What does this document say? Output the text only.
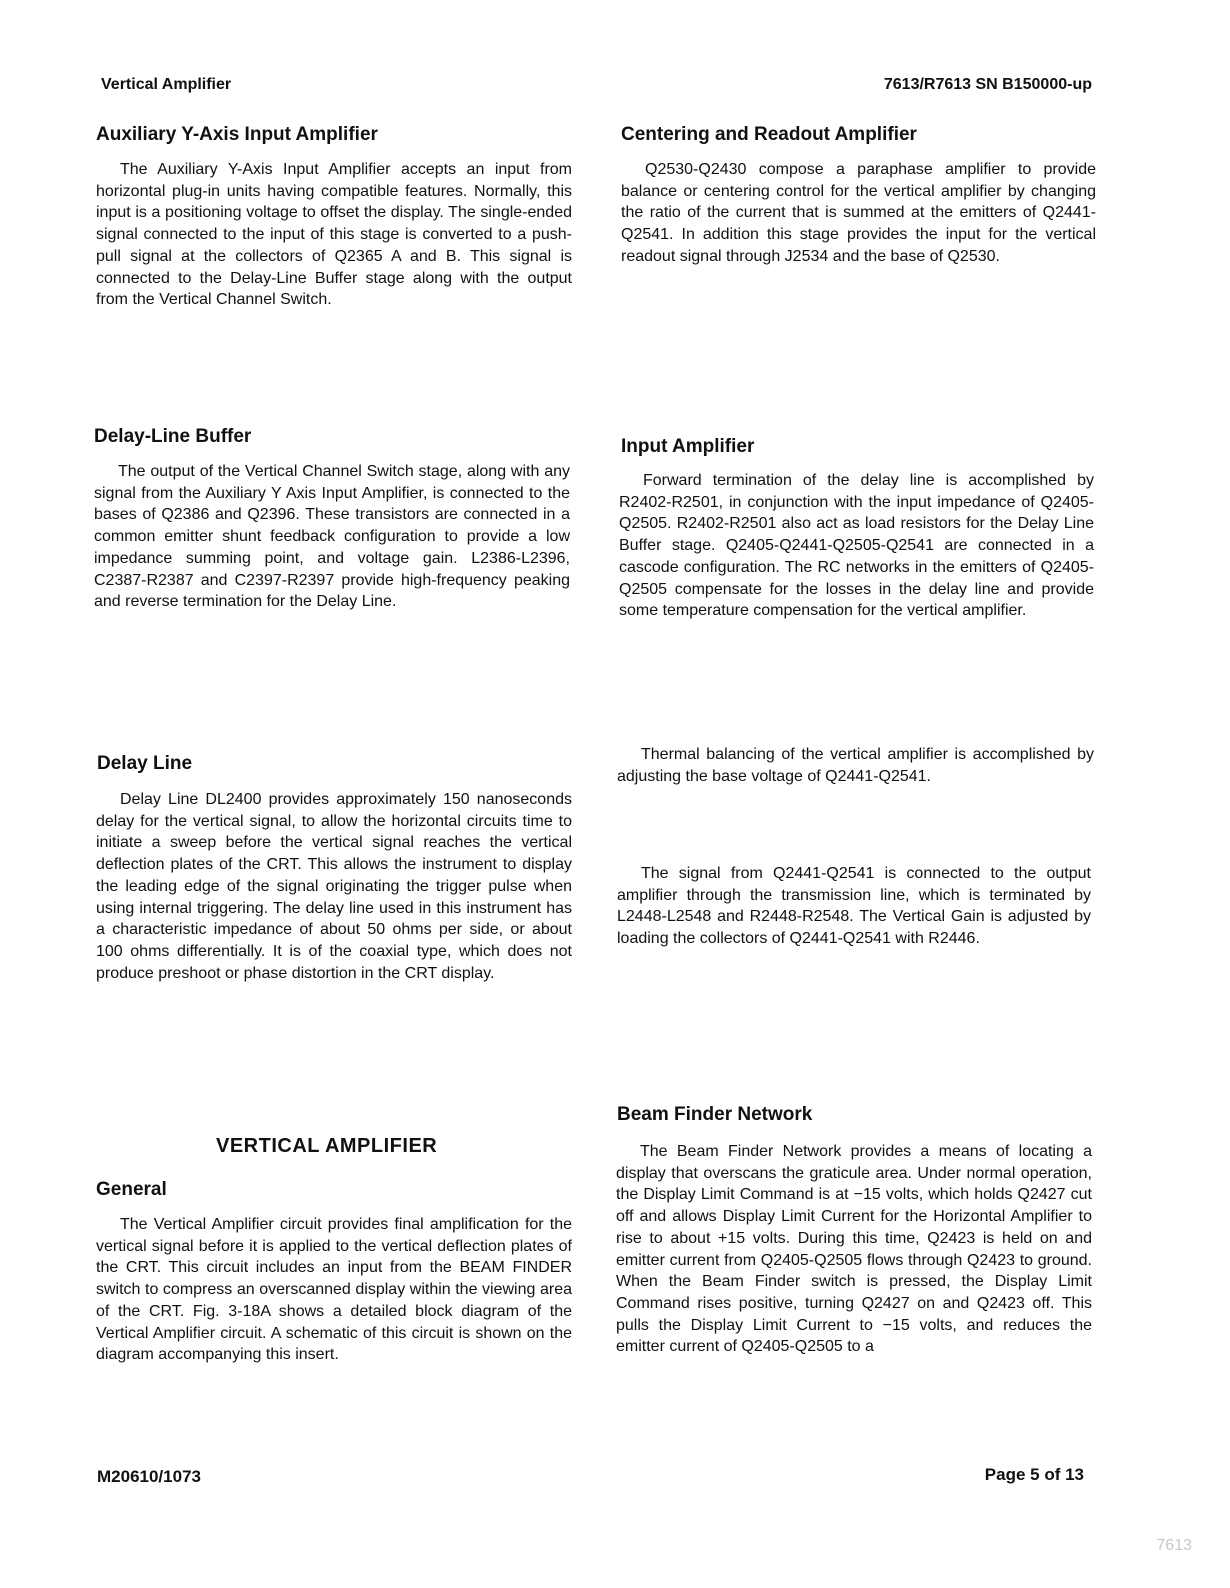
Vertical Amplifier	7613/R7613 SN B150000-up
Auxiliary Y-Axis Input Amplifier

The Auxiliary Y-Axis Input Amplifier accepts an input from horizontal plug-in units having compatible features. Normally, this input is a positioning voltage to offset the display. The single-ended signal connected to the input of this stage is converted to a push-pull signal at the collectors of Q2365 A and B. This signal is connected to the Delay-Line Buffer stage along with the output from the Vertical Channel Switch.

Delay-Line Buffer

The output of the Vertical Channel Switch stage, along with any signal from the Auxiliary Y Axis Input Amplifier, is connected to the bases of Q2386 and Q2396. These transistors are connected in a common emitter shunt feedback configuration to provide a low impedance summing point, and voltage gain. L2386-L2396, C2387-R2387 and C2397-R2397 provide high-frequency peaking and reverse termination for the Delay Line.

Delay Line

Delay Line DL2400 provides approximately 150 nanoseconds delay for the vertical signal, to allow the horizontal circuits time to initiate a sweep before the vertical signal reaches the vertical deflection plates of the CRT. This allows the instrument to display the leading edge of the signal originating the trigger pulse when using internal triggering. The delay line used in this instrument has a characteristic impedance of about 50 ohms per side, or about 100 ohms differentially. It is of the coaxial type, which does not produce preshoot or phase distortion in the CRT display.

VERTICAL AMPLIFIER
General

The Vertical Amplifier circuit provides final amplification for the vertical signal before it is applied to the vertical deflection plates of the CRT. This circuit includes an input from the BEAM FINDER switch to compress an overscanned display within the viewing area of the CRT. Fig. 3-18A shows a detailed block diagram of the Vertical Amplifier circuit. A schematic of this circuit is shown on the diagram accompanying this insert.

Centering and Readout Amplifier

Q2530-Q2430 compose a paraphase amplifier to provide balance or centering control for the vertical amplifier by changing the ratio of the current that is summed at the emitters of Q2441-Q2541. In addition this stage provides the input for the vertical readout signal through J2534 and the base of Q2530.

Input Amplifier

Forward termination of the delay line is accomplished by R2402-R2501, in conjunction with the input impedance of Q2405-Q2505. R2402-R2501 also act as load resistors for the Delay Line Buffer stage. Q2405-Q2441-Q2505-Q2541 are connected in a cascode configuration. The RC networks in the emitters of Q2405-Q2505 compensate for the losses in the delay line and provide some temperature compensation for the vertical amplifier.

Thermal balancing of the vertical amplifier is accomplished by adjusting the base voltage of Q2441-Q2541.

The signal from Q2441-Q2541 is connected to the output amplifier through the transmission line, which is terminated by L2448-L2548 and R2448-R2548. The Vertical Gain is adjusted by loading the collectors of Q2441-Q2541 with R2446.

Beam Finder Network

The Beam Finder Network provides a means of locating a display that overscans the graticule area. Under normal operation, the Display Limit Command is at −15 volts, which holds Q2427 cut off and allows Display Limit Current for the Horizontal Amplifier to rise to about +15 volts. During this time, Q2423 is held on and emitter current from Q2405-Q2505 flows through Q2423 to ground. When the Beam Finder switch is pressed, the Display Limit Command rises positive, turning Q2427 on and Q2423 off. This pulls the Display Limit Current to −15 volts, and reduces the emitter current of Q2405-Q2505 to a

M20610/1073	Page 5 of 13
7613
